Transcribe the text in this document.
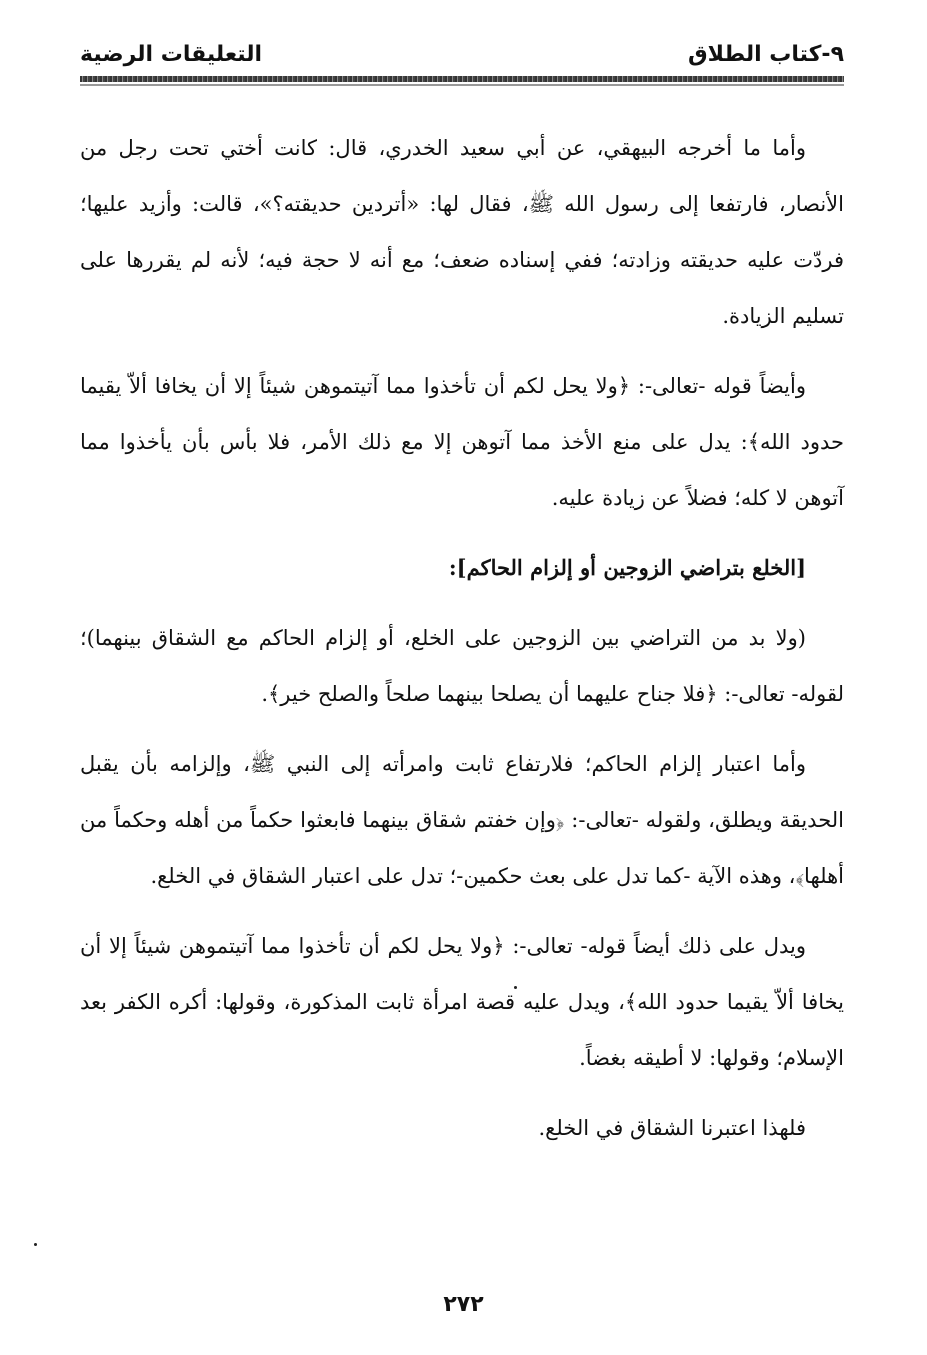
٩-كتاب الطلاق
التعليقات الرضية

وأما ما أخرجه البيهقي، عن أبي سعيد الخدري، قال: كانت أختي تحت رجل من الأنصار، فارتفعا إلى رسول الله ﷺ، فقال لها: «أتردين حديقته؟»، قالت: وأزيد عليها؛ فردّت عليه حديقته وزادته؛ ففي إسناده ضعف؛ مع أنه لا حجة فيه؛ لأنه لم يقررها على تسليم الزيادة.

وأيضاً قوله -تعالى-: ﴿ولا يحل لكم أن تأخذوا مما آتيتموهن شيئاً إلا أن يخافا ألاّ يقيما حدود الله﴾: يدل على منع الأخذ مما آتوهن إلا مع ذلك الأمر، فلا بأس بأن يأخذوا مما آتوهن لا كله؛ فضلاً عن زيادة عليه.

[الخلع بتراضي الزوجين أو إلزام الحاكم]:

(ولا بد من التراضي بين الزوجين على الخلع، أو إلزام الحاكم مع الشقاق بينهما)؛ لقوله- تعالى-: ﴿فلا جناح عليهما أن يصلحا بينهما صلحاً والصلح خير﴾.

وأما اعتبار إلزام الحاكم؛ فلارتفاع ثابت وامرأته إلى النبي ﷺ، وإلزامه بأن يقبل الحديقة ويطلق، ولقوله -تعالى-: ﴿وإن خفتم شقاق بينهما فابعثوا حكماً من أهله وحكماً من أهلها﴾، وهذه الآية -كما تدل على بعث حكمين-؛ تدل على اعتبار الشقاق في الخلع.

ويدل على ذلك أيضاً قوله- تعالى-: ﴿ولا يحل لكم أن تأخذوا مما آتيتموهن شيئاً إلا أن يخافا ألاّ يقيما حدود الله﴾، ويدل عليه قصة امرأة ثابت المذكورة، وقولها: أكره الكفر بعد الإسلام؛ وقولها: لا أطيقه بغضاً.

فلهذا اعتبرنا الشقاق في الخلع.

٢٧٢
